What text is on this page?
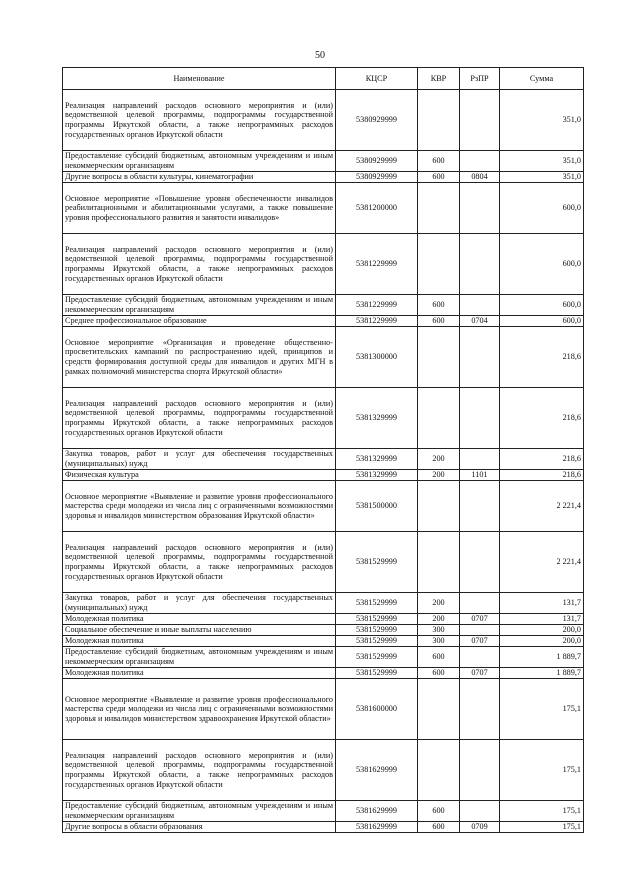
50
Наименование	КЦСР	КВР	РзПР	Сумма
Реализация направлений расходов основного мероприятия и (или) ведомственной целевой программы, подпрограммы государственной программы Иркутской области, а также непрограммных расходов государственных органов Иркутской области	5380929999			351,0
Предоставление субсидий бюджетным, автономным учреждениям и иным некоммерческим организациям	5380929999	600		351,0
Другие вопросы в области культуры, кинематографии	5380929999	600	0804	351,0
Основное мероприятие «Повышение уровня обеспеченности инвалидов реабилитационными и абилитационными услугами, а также повышение уровня профессионального развития и занятости инвалидов»	5381200000			600,0
Реализация направлений расходов основного мероприятия и (или) ведомственной целевой программы, подпрограммы государственной программы Иркутской области, а также непрограммных расходов государственных органов Иркутской области	5381229999			600,0
Предоставление субсидий бюджетным, автономным учреждениям и иным некоммерческим организациям	5381229999	600		600,0
Среднее профессиональное образование	5381229999	600	0704	600,0
Основное мероприятие «Организация и проведение общественно-просветительских кампаний по распространению идей, принципов и средств формирования доступной среды для инвалидов и других МГН в рамках полномочий министерства спорта Иркутской области»	5381300000			218,6
Реализация направлений расходов основного мероприятия и (или) ведомственной целевой программы, подпрограммы государственной программы Иркутской области, а также непрограммных расходов государственных органов Иркутской области	5381329999			218,6
Закупка товаров, работ и услуг для обеспечения государственных (муниципальных) нужд	5381329999	200		218,6
Физическая культура	5381329999	200	1101	218,6
Основное мероприятие «Выявление и развитие уровня профессионального мастерства среди молодежи из числа лиц с ограниченными возможностями здоровья и инвалидов министерством образования Иркутской области»	5381500000			2 221,4
Реализация направлений расходов основного мероприятия и (или) ведомственной целевой программы, подпрограммы государственной программы Иркутской области, а также непрограммных расходов государственных органов Иркутской области	5381529999			2 221,4
Закупка товаров, работ и услуг для обеспечения государственных (муниципальных) нужд	5381529999	200		131,7
Молодежная политика	5381529999	200	0707	131,7
Социальное обеспечение и иные выплаты населению	5381529999	300		200,0
Молодежная политика	5381529999	300	0707	200,0
Предоставление субсидий бюджетным, автономным учреждениям и иным некоммерческим организациям	5381529999	600		1 889,7
Молодежная политика	5381529999	600	0707	1 889,7
Основное мероприятие «Выявление и развитие уровня профессионального мастерства среди молодежи из числа лиц с ограниченными возможностями здоровья и инвалидов министерством здравоохранения Иркутской области»	5381600000			175,1
Реализация направлений расходов основного мероприятия и (или) ведомственной целевой программы, подпрограммы государственной программы Иркутской области, а также непрограммных расходов государственных органов Иркутской области	5381629999			175,1
Предоставление субсидий бюджетным, автономным учреждениям и иным некоммерческим организациям	5381629999	600		175,1
Другие вопросы в области образования	5381629999	600	0709	175,1
